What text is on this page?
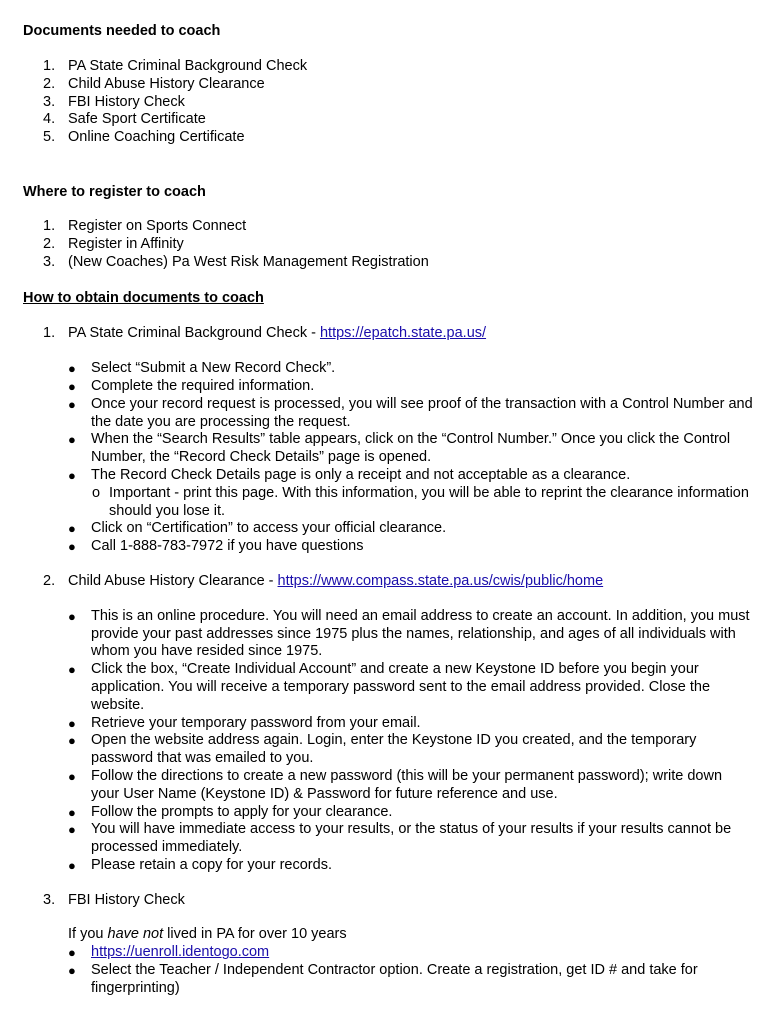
Documents needed to coach

1. PA State Criminal Background Check
2. Child Abuse History Clearance
3. FBI History Check
4. Safe Sport Certificate
5. Online Coaching Certificate

Where to register to coach

1. Register on Sports Connect
2. Register in Affinity
3. (New Coaches) Pa West Risk Management Registration

How to obtain documents to coach

1. PA State Criminal Background Check - https://epatch.state.pa.us/
● Select “Submit a New Record Check”.
● Complete the required information.
● Once your record request is processed, you will see proof of the transaction with a Control Number and the date you are processing the request.
● When the “Search Results” table appears, click on the “Control Number.” Once you click the Control Number, the “Record Check Details” page is opened.
● The Record Check Details page is only a receipt and not acceptable as a clearance.
o Important - print this page. With this information, you will be able to reprint the clearance information should you lose it.
● Click on “Certification” to access your official clearance.
● Call 1-888-783-7972 if you have questions
2. Child Abuse History Clearance - https://www.compass.state.pa.us/cwis/public/home
● This is an online procedure. You will need an email address to create an account. In addition, you must provide your past addresses since 1975 plus the names, relationship, and ages of all individuals with whom you have resided since 1975.
● Click the box, “Create Individual Account” and create a new Keystone ID before you begin your application. You will receive a temporary password sent to the email address provided. Close the website.
● Retrieve your temporary password from your email.
● Open the website address again. Login, enter the Keystone ID you created, and the temporary password that was emailed to you.
● Follow the directions to create a new password (this will be your permanent password); write down your User Name (Keystone ID) & Password for future reference and use.
● Follow the prompts to apply for your clearance.
● You will have immediate access to your results, or the status of your results if your results cannot be processed immediately.
● Please retain a copy for your records.
3. FBI History Check
If you have not lived in PA for over 10 years
● https://uenroll.identogo.com
● Select the Teacher / Independent Contractor option. Create a registration, get ID # and take for fingerprinting)
